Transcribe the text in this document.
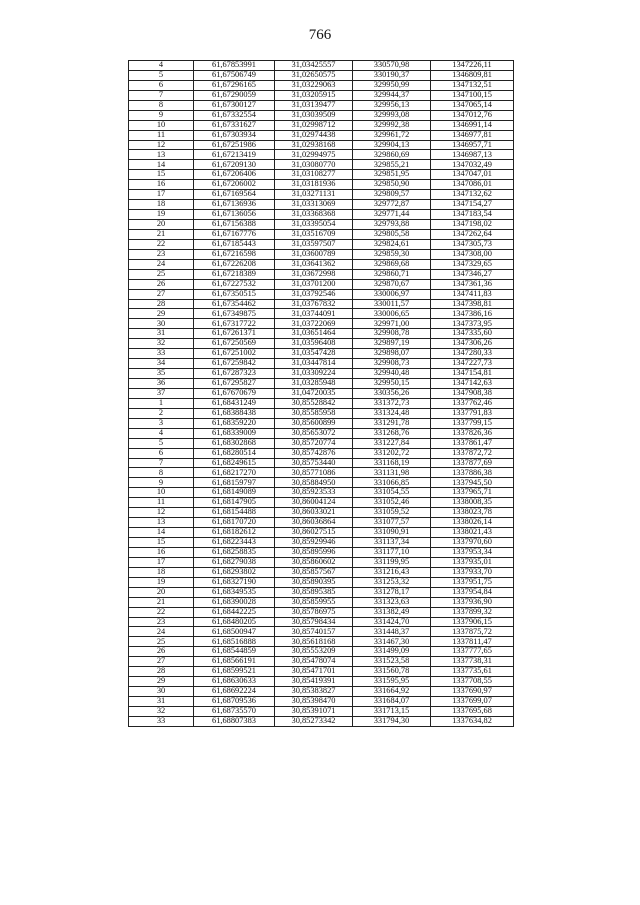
766
4	61,67853991	31,03425557	330570,98	1347226,11
5	61,67506749	31,02650575	330190,37	1346809,81
6	61,67296165	31,03229063	329950,99	1347132,51
7	61,67290059	31,03205915	329944,37	1347100,15
8	61,67300127	31,03139477	329956,13	1347065,14
9	61,67332554	31,03039509	329993,08	1347012,76
10	61,67331627	31,02998712	329992,38	1346991,14
11	61,67303934	31,02974438	329961,72	1346977,81
12	61,67251986	31,02938168	329904,13	1346957,71
13	61,67213419	31,02994975	329860,69	1346987,13
14	61,67209130	31,03080770	329855,21	1347032,49
15	61,67206406	31,03108277	329851,95	1347047,01
16	61,67206002	31,03181936	329850,90	1347086,01
17	61,67169564	31,03271131	329809,57	1347132,62
18	61,67136936	31,03313069	329772,87	1347154,27
19	61,67136056	31,03368368	329771,44	1347183,54
20	61,67156388	31,03395054	329793,88	1347198,02
21	61,67167776	31,03516709	329805,58	1347262,64
22	61,67185443	31,03597507	329824,61	1347305,73
23	61,67216598	31,03600789	329859,30	1347308,00
24	61,67226208	31,03641362	329869,68	1347329,65
25	61,67218389	31,03672998	329860,71	1347346,27
26	61,67227532	31,03701200	329870,67	1347361,36
27	61,67350515	31,03792546	330006,97	1347411,83
28	61,67354462	31,03767832	330011,57	1347398,81
29	61,67349875	31,03744091	330006,65	1347386,16
30	61,67317722	31,03722069	329971,00	1347373,95
31	61,67261371	31,03651464	329908,78	1347335,60
32	61,67250569	31,03596408	329897,19	1347306,26
33	61,67251002	31,03547428	329898,07	1347280,33
34	61,67259842	31,03447814	329908,73	1347227,73
35	61,67287323	31,03309224	329940,48	1347154,81
36	61,67295827	31,03285948	329950,15	1347142,63
37	61,67670679	31,04720035	330356,26	1347908,38
1	61,68431249	30,85528842	331372,73	1337762,46
2	61,68388438	30,85585958	331324,48	1337791,83
3	61,68359220	30,85600899	331291,78	1337799,15
4	61,68339009	30,85653072	331268,76	1337826,36
5	61,68302868	30,85720774	331227,84	1337861,47
6	61,68280514	30,85742876	331202,72	1337872,72
7	61,68249615	30,85753440	331168,19	1337877,69
8	61,68217270	30,85771086	331131,98	1337886,38
9	61,68159797	30,85884950	331066,85	1337945,50
10	61,68149089	30,85923533	331054,55	1337965,71
11	61,68147905	30,86004124	331052,46	1338008,35
12	61,68154488	30,86033021	331059,52	1338023,78
13	61,68170720	30,86036864	331077,57	1338026,14
14	61,68182612	30,86027515	331090,91	1338021,43
15	61,68223443	30,85929946	331137,34	1337970,60
16	61,68258835	30,85895996	331177,10	1337953,34
17	61,68279038	30,85860602	331199,95	1337935,01
18	61,68293802	30,85857567	331216,43	1337933,70
19	61,68327190	30,85890395	331253,32	1337951,75
20	61,68349535	30,85895385	331278,17	1337954,84
21	61,68390028	30,85859955	331323,63	1337936,90
22	61,68442225	30,85786975	331382,49	1337899,32
23	61,68480205	30,85798434	331424,70	1337906,15
24	61,68500947	30,85740157	331448,37	1337875,72
25	61,68516888	30,85618168	331467,30	1337811,47
26	61,68544859	30,85553209	331499,09	1337777,65
27	61,68566191	30,85478074	331523,58	1337738,31
28	61,68599521	30,85471701	331560,78	1337735,61
29	61,68630633	30,85419391	331595,95	1337708,55
30	61,68692224	30,85383827	331664,92	1337690,97
31	61,68709536	30,85398470	331684,07	1337699,07
32	61,68735570	30,85391071	331713,15	1337695,68
33	61,68807383	30,85273342	331794,30	1337634,82
